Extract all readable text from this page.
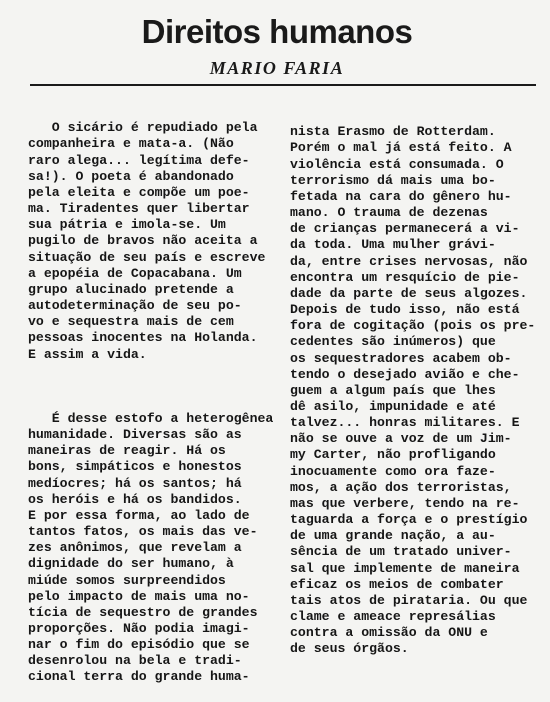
Direitos humanos
MARIO FARIA

O sicário é repudiado pela
companheira e mata-a. (Não
raro alega... legítima defe-
sa!). O poeta é abandonado
pela eleita e compõe um poe-
ma. Tiradentes quer libertar
sua pátria e imola-se. Um
pugilo de bravos não aceita a
situação de seu país e escreve
a epopéia de Copacabana. Um
grupo alucinado pretende a
autodeterminação de seu po-
vo e sequestra mais de cem
pessoas inocentes na Holanda.
E assim a vida.

É desse estofo a heterogênea
humanidade. Diversas são as
maneiras de reagir. Há os
bons, simpáticos e honestos
medíocres; há os santos; há
os heróis e há os bandidos.
E por essa forma, ao lado de
tantos fatos, os mais das ve-
zes anônimos, que revelam a
dignidade do ser humano, à
miúde somos surpreendidos
pelo impacto de mais uma no-
tícia de sequestro de grandes
proporções. Não podia imagi-
nar o fim do episódio que se
desenrolou na bela e tradi-
cional terra do grande huma-

nista Erasmo de Rotterdam.
Porém o mal já está feito. A
violência está consumada. O
terrorismo dá mais uma bo-
fetada na cara do gênero hu-
mano. O trauma de dezenas
de crianças permanecerá a vi-
da toda. Uma mulher grávi-
da, entre crises nervosas, não
encontra um resquício de pie-
dade da parte de seus algozes.
Depois de tudo isso, não está
fora de cogitação (pois os pre-
cedentes são inúmeros) que
os sequestradores acabem ob-
tendo o desejado avião e che-
guem a algum país que lhes
dê asilo, impunidade e até
talvez... honras militares. E
não se ouve a voz de um Jim-
my Carter, não profligando
inocuamente como ora faze-
mos, a ação dos terroristas,
mas que verbere, tendo na re-
taguarda a força e o prestígio
de uma grande nação, a au-
sência de um tratado univer-
sal que implemente de maneira
eficaz os meios de combater
tais atos de pirataria. Ou que
clame e ameace represálias
contra a omissão da ONU e
de seus órgãos.
